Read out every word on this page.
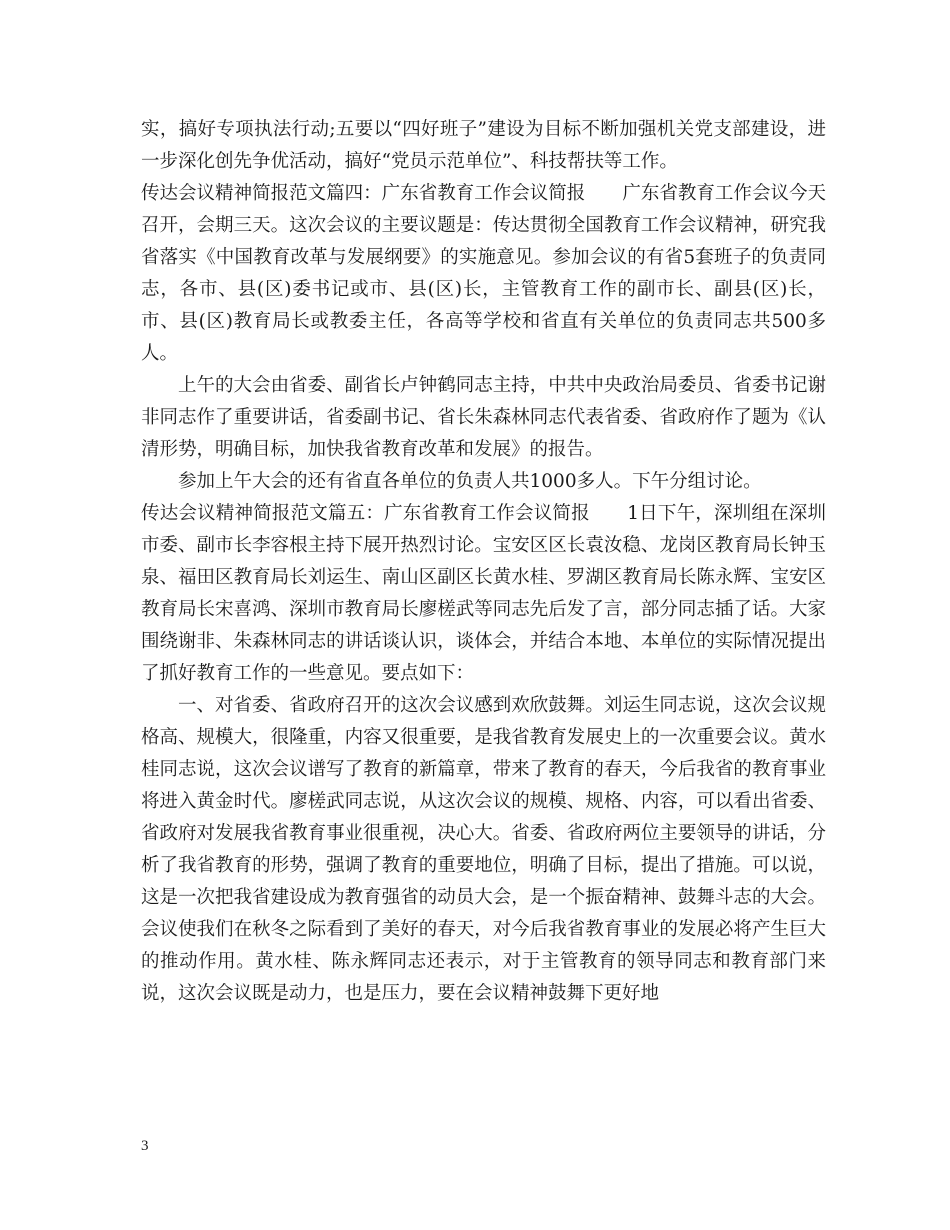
实，搞好专项执法行动;五要以“四好班子”建设为目标不断加强机关党支部建设，进一步深化创先争优活动，搞好“党员示范单位”、科技帮扶等工作。

传达会议精神简报范文篇四：广东省教育工作会议简报　　广东省教育工作会议今天召开，会期三天。这次会议的主要议题是：传达贯彻全国教育工作会议精神，研究我省落实《中国教育改革与发展纲要》的实施意见。参加会议的有省5套班子的负责同志，各市、县(区)委书记或市、县(区)长，主管教育工作的副市长、副县(区)长，市、县(区)教育局长或教委主任，各高等学校和省直有关单位的负责同志共500多人。

上午的大会由省委、副省长卢钟鹤同志主持，中共中央政治局委员、省委书记谢非同志作了重要讲话，省委副书记、省长朱森林同志代表省委、省政府作了题为《认清形势，明确目标，加快我省教育改革和发展》的报告。

参加上午大会的还有省直各单位的负责人共1000多人。下午分组讨论。

传达会议精神简报范文篇五：广东省教育工作会议简报　　1日下午，深圳组在深圳市委、副市长李容根主持下展开热烈讨论。宝安区区长袁汝稳、龙岗区教育局长钟玉泉、福田区教育局长刘运生、南山区副区长黄水桂、罗湖区教育局长陈永辉、宝安区教育局长宋喜鸿、深圳市教育局长廖槎武等同志先后发了言，部分同志插了话。大家围绕谢非、朱森林同志的讲话谈认识，谈体会，并结合本地、本单位的实际情况提出了抓好教育工作的一些意见。要点如下：

一、对省委、省政府召开的这次会议感到欢欣鼓舞。刘运生同志说，这次会议规格高、规模大，很隆重，内容又很重要，是我省教育发展史上的一次重要会议。黄水桂同志说，这次会议谱写了教育的新篇章，带来了教育的春天，今后我省的教育事业将进入黄金时代。廖槎武同志说，从这次会议的规模、规格、内容，可以看出省委、省政府对发展我省教育事业很重视，决心大。省委、省政府两位主要领导的讲话，分析了我省教育的形势，强调了教育的重要地位，明确了目标，提出了措施。可以说，这是一次把我省建设成为教育强省的动员大会，是一个振奋精神、鼓舞斗志的大会。会议使我们在秋冬之际看到了美好的春天，对今后我省教育事业的发展必将产生巨大的推动作用。黄水桂、陈永辉同志还表示，对于主管教育的领导同志和教育部门来说，这次会议既是动力，也是压力，要在会议精神鼓舞下更好地

3
